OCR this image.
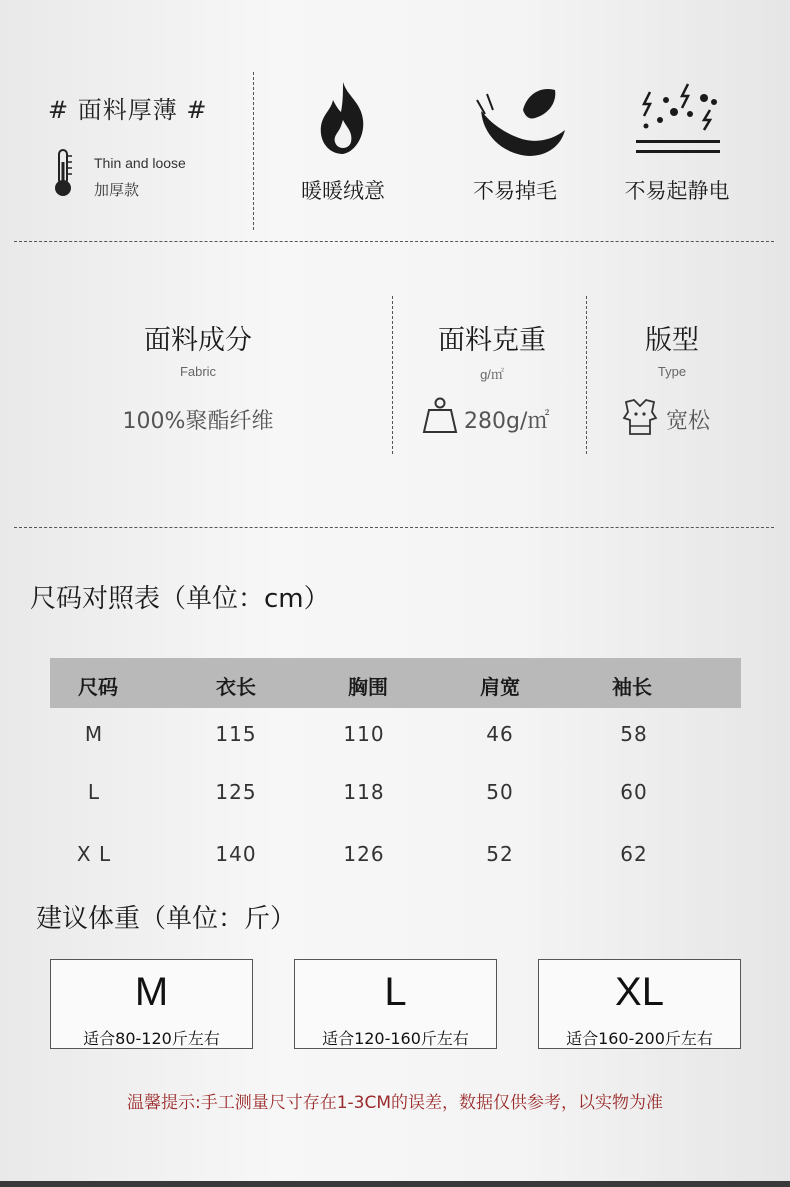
# 面料厚薄 #
Thin and loose
加厚款	暖暖绒意	不易掉毛	不易起静电
面料成分
Fabric
100%聚酯纤维
面料克重
g/㎡
280g/㎡
版型
Type
宽松
尺码对照表（单位：cm）
尺码	衣长	胸围	肩宽	袖长
M	115	110	46	58
L	125	118	50	60
X L	140	126	52	62
建议体重（单位：斤）
M
适合80-120斤左右
L
适合120-160斤左右
XL
适合160-200斤左右
温馨提示:手工测量尺寸存在1-3CM的误差，数据仅供参考，以实物为准
